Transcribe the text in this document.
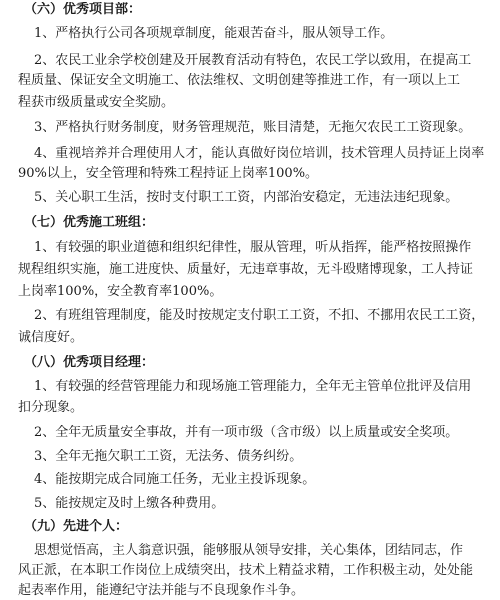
（六）优秀项目部：
1、严格执行公司各项规章制度，能艰苦奋斗，服从领导工作。
2、农民工业余学校创建及开展教育活动有特色，农民工学以致用，在提高工
程质量、保证安全文明施工、依法维权、文明创建等推进工作，有一项以上工
程获市级质量或安全奖励。
3、严格执行财务制度，财务管理规范，账目清楚，无拖欠农民工工资现象。
4、重视培养并合理使用人才，能认真做好岗位培训，技术管理人员持证上岗率
90%以上，安全管理和特殊工程持证上岗率100%。
5、关心职工生活，按时支付职工工资，内部治安稳定，无违法违纪现象。
（七）优秀施工班组：
1、有较强的职业道德和组织纪律性，服从管理，听从指挥，能严格按照操作
规程组织实施，施工进度快、质量好，无违章事故，无斗殴赌博现象，工人持证
上岗率100%，安全教育率100%。
2、有班组管理制度，能及时按规定支付职工工资，不扣、不挪用农民工工资，
诚信度好。
（八）优秀项目经理：
1、有较强的经营管理能力和现场施工管理能力，全年无主管单位批评及信用
扣分现象。
2、全年无质量安全事故，并有一项市级（含市级）以上质量或安全奖项。
3、全年无拖欠职工工资，无法务、债务纠纷。
4、能按期完成合同施工任务，无业主投诉现象。
5、能按规定及时上缴各种费用。
（九）先进个人：
思想觉悟高，主人翁意识强，能够服从领导安排，关心集体，团结同志，作
风正派，在本职工作岗位上成绩突出，技术上精益求精，工作积极主动，处处能
起表率作用，能遵纪守法并能与不良现象作斗争。
